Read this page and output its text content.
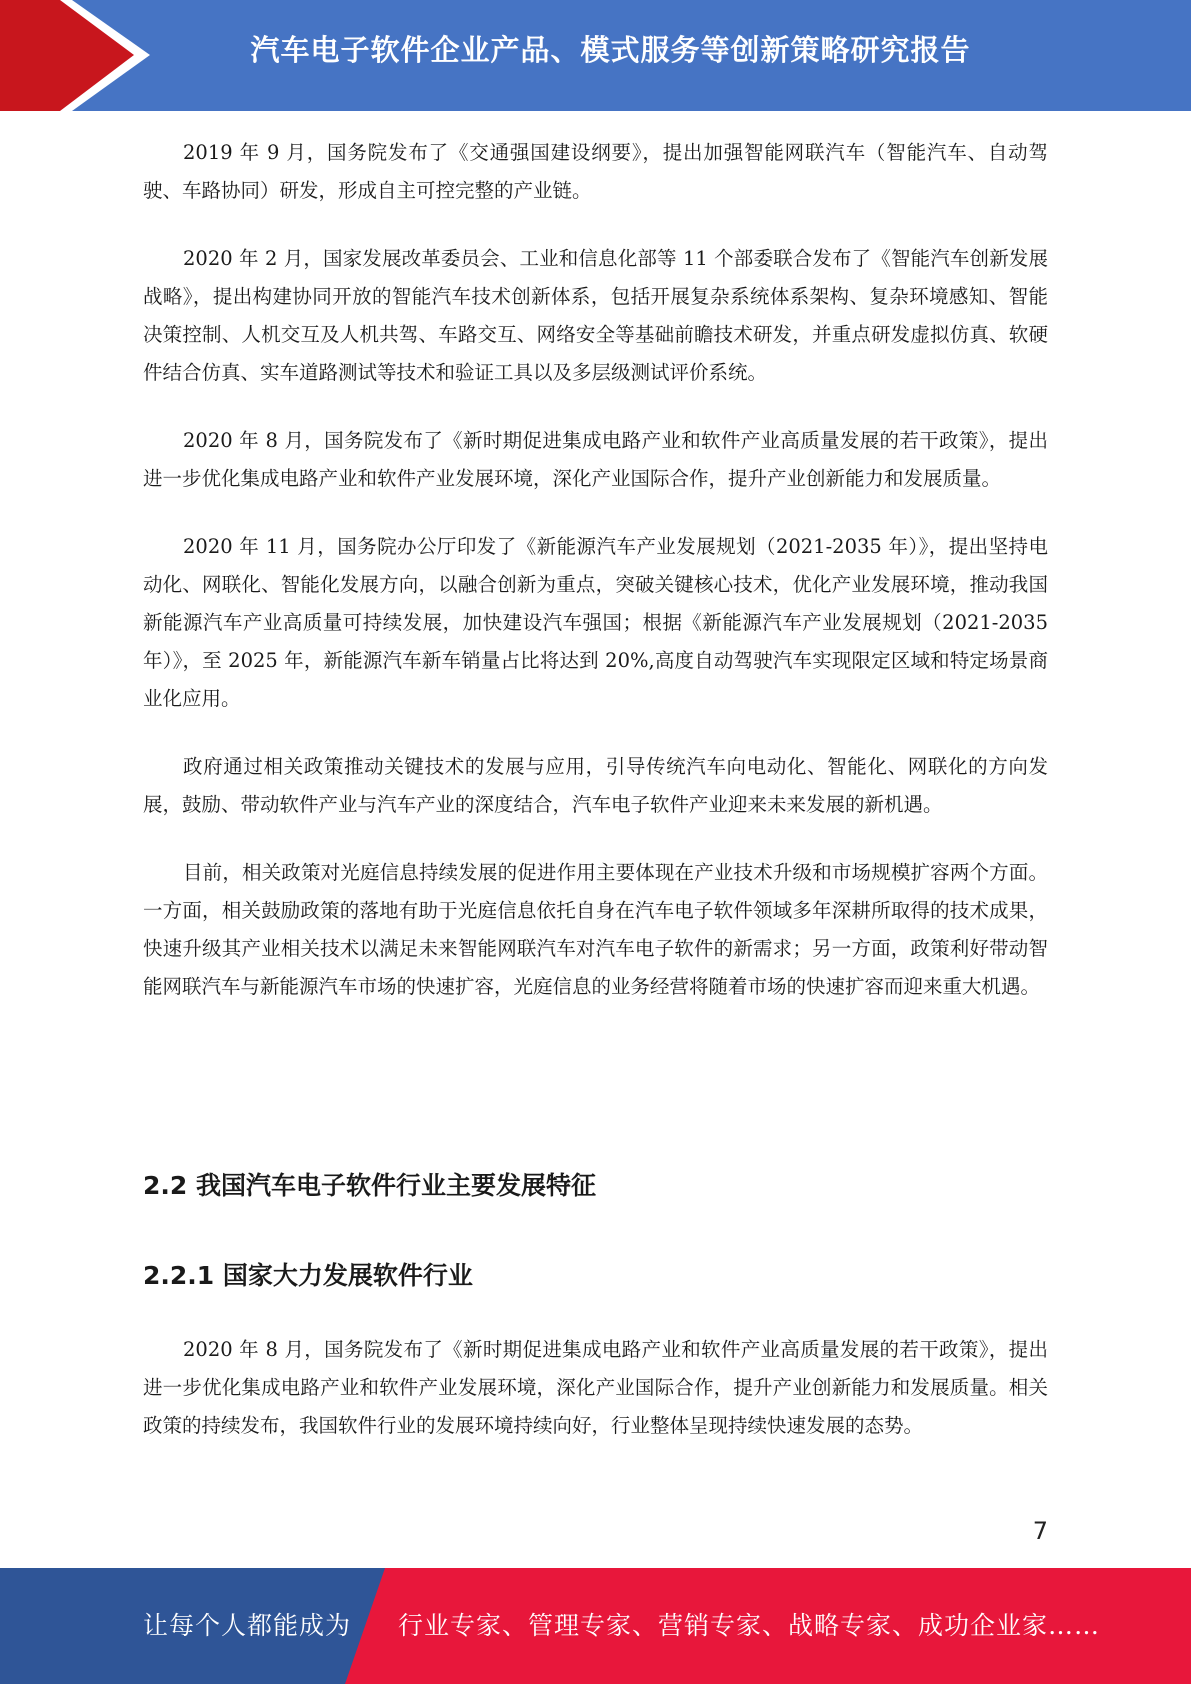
汽车电子软件企业产品、模式服务等创新策略研究报告

2019 年 9 月，国务院发布了《交通强国建设纲要》，提出加强智能网联汽车（智能汽车、自动驾驶、车路协同）研发，形成自主可控完整的产业链。

2020 年 2 月，国家发展改革委员会、工业和信息化部等 11 个部委联合发布了《智能汽车创新发展战略》，提出构建协同开放的智能汽车技术创新体系，包括开展复杂系统体系架构、复杂环境感知、智能决策控制、人机交互及人机共驾、车路交互、网络安全等基础前瞻技术研发，并重点研发虚拟仿真、软硬件结合仿真、实车道路测试等技术和验证工具以及多层级测试评价系统。

2020 年 8 月，国务院发布了《新时期促进集成电路产业和软件产业高质量发展的若干政策》，提出进一步优化集成电路产业和软件产业发展环境，深化产业国际合作，提升产业创新能力和发展质量。

2020 年 11 月，国务院办公厅印发了《新能源汽车产业发展规划（2021-2035 年）》，提出坚持电动化、网联化、智能化发展方向，以融合创新为重点，突破关键核心技术，优化产业发展环境，推动我国新能源汽车产业高质量可持续发展，加快建设汽车强国；根据《新能源汽车产业发展规划（2021-2035 年）》，至 2025 年，新能源汽车新车销量占比将达到 20%,高度自动驾驶汽车实现限定区域和特定场景商业化应用。

政府通过相关政策推动关键技术的发展与应用，引导传统汽车向电动化、智能化、网联化的方向发展，鼓励、带动软件产业与汽车产业的深度结合，汽车电子软件产业迎来未来发展的新机遇。

目前，相关政策对光庭信息持续发展的促进作用主要体现在产业技术升级和市场规模扩容两个方面。一方面，相关鼓励政策的落地有助于光庭信息依托自身在汽车电子软件领域多年深耕所取得的技术成果，快速升级其产业相关技术以满足未来智能网联汽车对汽车电子软件的新需求；另一方面，政策利好带动智能网联汽车与新能源汽车市场的快速扩容，光庭信息的业务经营将随着市场的快速扩容而迎来重大机遇。

2.2 我国汽车电子软件行业主要发展特征
2.2.1 国家大力发展软件行业

2020 年 8 月，国务院发布了《新时期促进集成电路产业和软件产业高质量发展的若干政策》，提出进一步优化集成电路产业和软件产业发展环境，深化产业国际合作，提升产业创新能力和发展质量。相关政策的持续发布，我国软件行业的发展环境持续向好，行业整体呈现持续快速发展的态势。

7
让每个人都能成为 行业专家、管理专家、营销专家、战略专家、成功企业家……
